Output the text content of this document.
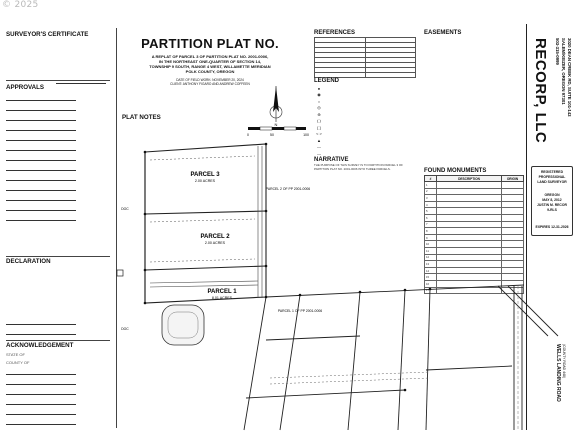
© 2025
SURVEYOR'S CERTIFICATE
APPROVALS
DECLARATION
ACKNOWLEDGEMENT
STATE OF
COUNTY OF
PARTITION PLAT NO.
A REPLAT OF PARCEL 3 OF PARTITION PLAT NO. 2001-0006,
IN THE NORTHEAST ONE-QUARTER OF SECTION 14,
TOWNSHIP 9 SOUTH, RANGE 4 WEST, WILLAMETTE MERIDIAN
POLK COUNTY, OREGON
DATE OF FIELD WORK: NOVEMBER 20, 2024
CLIENT: ANTHONY FIGARO AND ANDREW COFFEEN
PLAT NOTES
REFERENCES

LEGEND
●
◉
○
◎
⊕
( )
[ ]
< >
▲
—
—
NARRATIVE

THE PURPOSE OF THIS SURVEY IS TO PARTITION PARCEL 3 OF PARTITION PLAT NO. 2001-0006 INTO THREE PARCELS.

EASEMENTS

FOUND MONUMENTS
#	DESCRIPTION	ORIGIN
1		
2		
3		
4		
5		
6		
7		
8		
9		
10		
11		
12		
13		
14		
15		
16		
17		
RECORP, LLC	3020 DEAN CREEK RD, SUITE 101-143
SALEM/KEIZER, OREGON 97301
503-315-0999
REGISTERED
PROFESSIONAL
LAND SURVEYOR
OREGON
MAY 8, 2012
JUSTIN M. RECOR
9-RLS
EXPIRES 12-31-2026
WELLS LANDING ROAD (COUNTY ROAD 448)
N
0	50	100
PARCEL 3
2.00 ACRES
PARCEL 2
2.00 ACRES
PARCEL 1
8.01 ACRES
DOC
DOC
PARCEL 2 OF PP 2001-0006
PARCEL 1 OF PP 2001-0006
